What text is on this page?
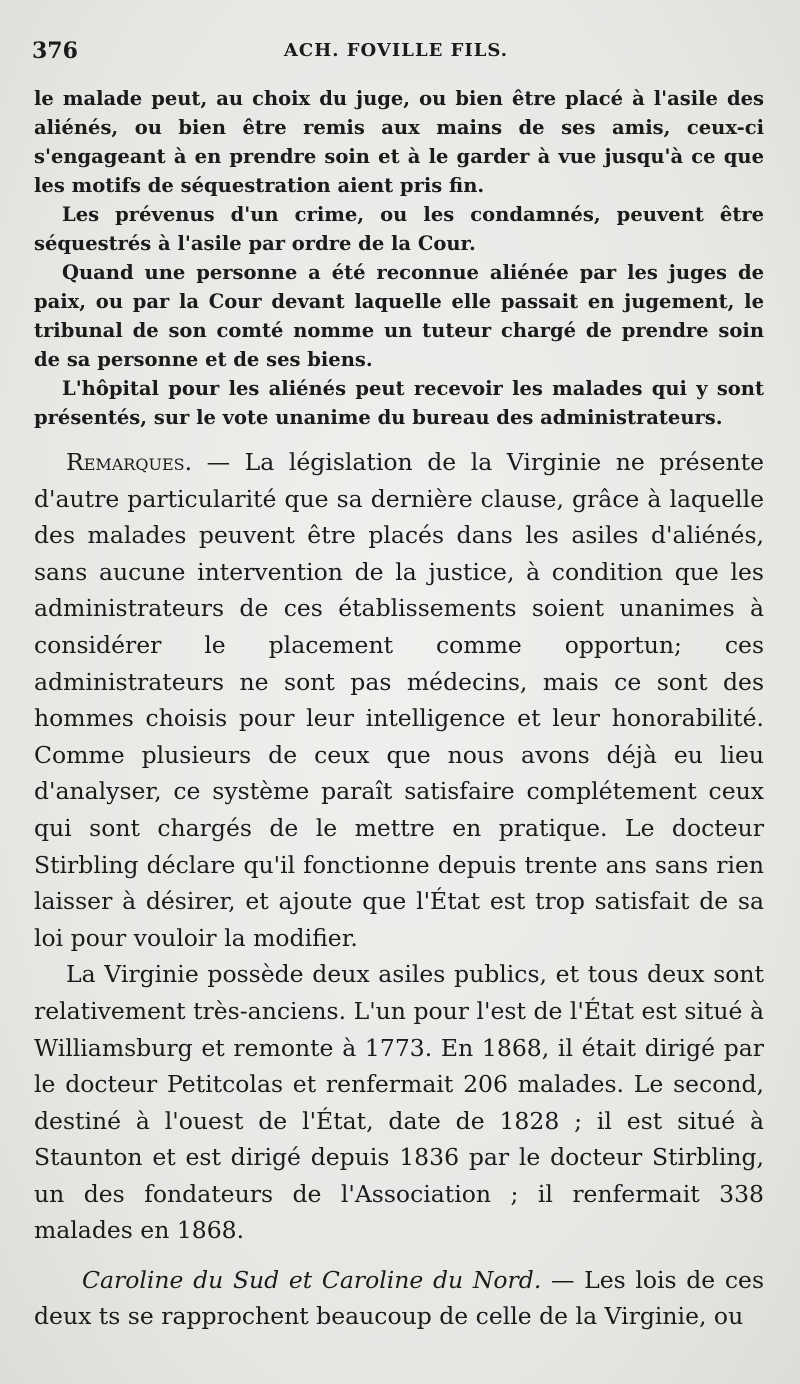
376	ACH. FOVILLE FILS.

le malade peut, au choix du juge, ou bien être placé à l'asile des aliénés, ou bien être remis aux mains de ses amis, ceux-ci s'engageant à en prendre soin et à le garder à vue jusqu'à ce que les motifs de séquestration aient pris fin.

Les prévenus d'un crime, ou les condamnés, peuvent être séquestrés à l'asile par ordre de la Cour.

Quand une personne a été reconnue aliénée par les juges de paix, ou par la Cour devant laquelle elle passait en jugement, le tribunal de son comté nomme un tuteur chargé de prendre soin de sa personne et de ses biens.

L'hôpital pour les aliénés peut recevoir les malades qui y sont présentés, sur le vote unanime du bureau des administrateurs.

Remarques. — La législation de la Virginie ne présente d'autre particularité que sa dernière clause, grâce à laquelle des malades peuvent être placés dans les asiles d'aliénés, sans aucune intervention de la justice, à condition que les administrateurs de ces établissements soient unanimes à considérer le placement comme opportun; ces administrateurs ne sont pas médecins, mais ce sont des hommes choisis pour leur intelligence et leur honorabilité. Comme plusieurs de ceux que nous avons déjà eu lieu d'analyser, ce système paraît satisfaire complétement ceux qui sont chargés de le mettre en pratique. Le docteur Stirbling déclare qu'il fonctionne depuis trente ans sans rien laisser à désirer, et ajoute que l'État est trop satisfait de sa loi pour vouloir la modifier.

La Virginie possède deux asiles publics, et tous deux sont relativement très-anciens. L'un pour l'est de l'État est situé à Williamsburg et remonte à 1773. En 1868, il était dirigé par le docteur Petitcolas et renfermait 206 malades. Le second, destiné à l'ouest de l'État, date de 1828 ; il est situé à Staunton et est dirigé depuis 1836 par le docteur Stirbling, un des fondateurs de l'Association ; il renfermait 338 malades en 1868.

Caroline du Sud et Caroline du Nord. — Les lois de ces deux ts se rapprochent beaucoup de celle de la Virginie, ou
